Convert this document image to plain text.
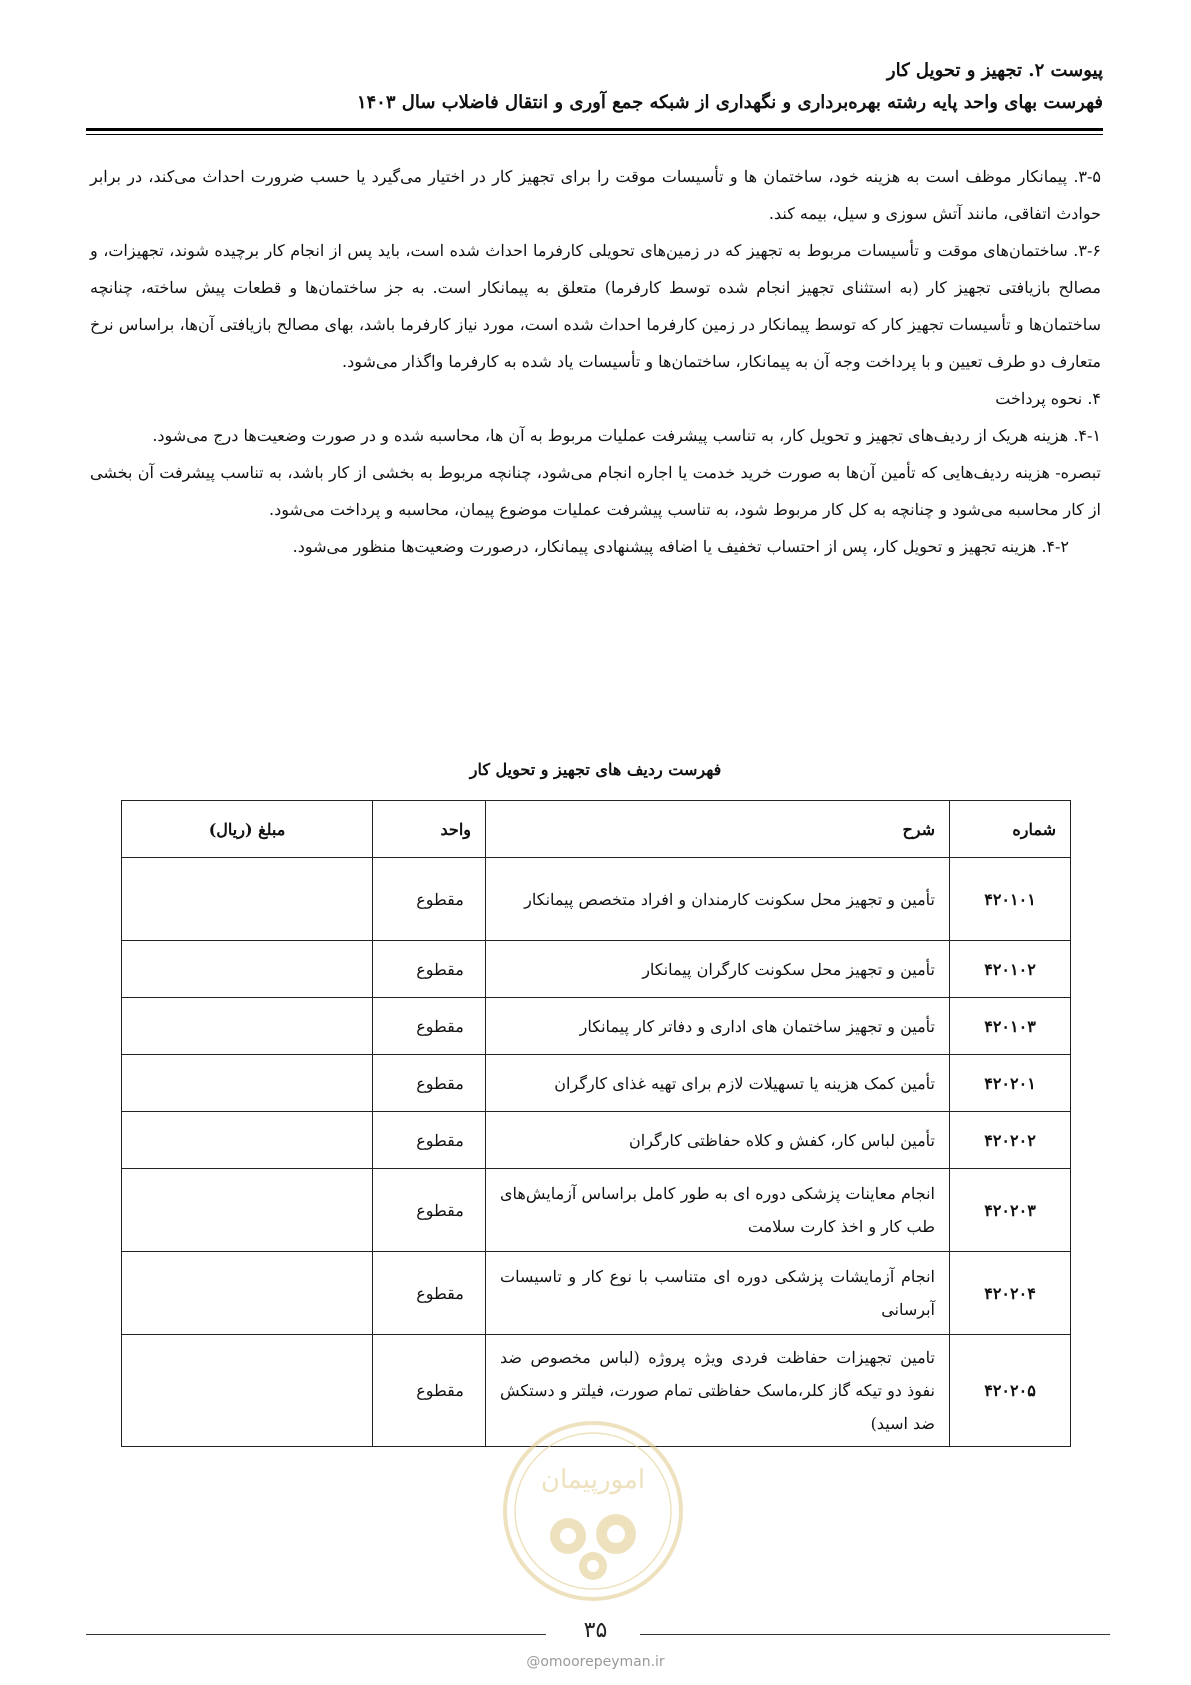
پیوست ۲. تجهیز و تحویل کار
فهرست بهای واحد پایه رشته بهره‌برداری و نگهداری از شبکه جمع آوری و انتقال فاضلاب سال ۱۴۰۳

۳-۵. پیمانکار موظف است به هزینه خود، ساختمان ها و تأسیسات موقت را برای تجهیز کار در اختیار می‌گیرد یا حسب ضرورت احداث می‌کند، در برابر حوادث اتفاقی، مانند آتش سوزی و سیل، بیمه کند.

۳-۶. ساختمان‌های موقت و تأسیسات مربوط به تجهیز که در زمین‌های تحویلی کارفرما احداث شده است، باید پس از انجام کار برچیده شوند، تجهیزات، و مصالح بازیافتی تجهیز کار (به استثنای تجهیز انجام شده توسط کارفرما) متعلق به پیمانکار است. به جز ساختمان‌ها و قطعات پیش ساخته، چنانچه ساختمان‌ها و تأسیسات تجهیز کار که توسط پیمانکار در زمین کارفرما احداث شده است، مورد نیاز کارفرما باشد، بهای مصالح بازیافتی آن‌ها، براساس نرخ متعارف دو طرف تعیین و با پرداخت وجه آن به پیمانکار، ساختمان‌ها و تأسیسات یاد شده به کارفرما واگذار می‌شود.

۴. نحوه پرداخت

۴-۱. هزینه هریک از ردیف‌های تجهیز و تحویل کار، به تناسب پیشرفت عملیات مربوط به آن ها، محاسبه شده و در صورت وضعیت‌ها درج می‌شود.

تبصره- هزینه ردیف‌هایی که تأمین آن‌ها به صورت خرید خدمت یا اجاره انجام می‌شود، چنانچه مربوط به بخشی از کار باشد، به تناسب پیشرفت آن بخشی از کار محاسبه می‌شود و چنانچه به کل کار مربوط شود، به تناسب پیشرفت عملیات موضوع پیمان، محاسبه و پرداخت می‌شود.

۴-۲. هزینه تجهیز و تحویل کار، پس از احتساب تخفیف یا اضافه پیشنهادی پیمانکار، درصورت وضعیت‌ها منظور می‌شود.

فهرست ردیف های تجهیز و تحویل کار
شماره	شرح	واحد	مبلغ (ریال)
۴۲۰۱۰۱	تأمین و تجهیز محل سکونت کارمندان و افراد متخصص پیمانکار	مقطوع	
۴۲۰۱۰۲	تأمین و تجهیز محل سکونت کارگران پیمانکار	مقطوع	
۴۲۰۱۰۳	تأمین و تجهیز ساختمان های اداری و دفاتر کار پیمانکار	مقطوع	
۴۲۰۲۰۱	تأمین کمک هزینه یا تسهیلات لازم برای تهیه غذای کارگران	مقطوع	
۴۲۰۲۰۲	تأمین لباس کار، کفش و کلاه حفاظتی کارگران	مقطوع	
۴۲۰۲۰۳	انجام معاینات پزشکی دوره ای به طور کامل براساس آزمایش‌های طب کار و اخذ کارت سلامت	مقطوع	
۴۲۰۲۰۴	انجام آزمایشات پزشکی دوره ای متناسب با نوع کار و تاسیسات آبرسانی	مقطوع	
۴۲۰۲۰۵	تامین تجهیزات حفاظت فردی ویژه پروژه (لباس مخصوص ضد نفوذ دو تیکه گاز کلر،ماسک حفاظتی تمام صورت، فیلتر و دستکش ضد اسید)	مقطوع	
امورپیمان
۳۵
@omoorepeyman.ir
